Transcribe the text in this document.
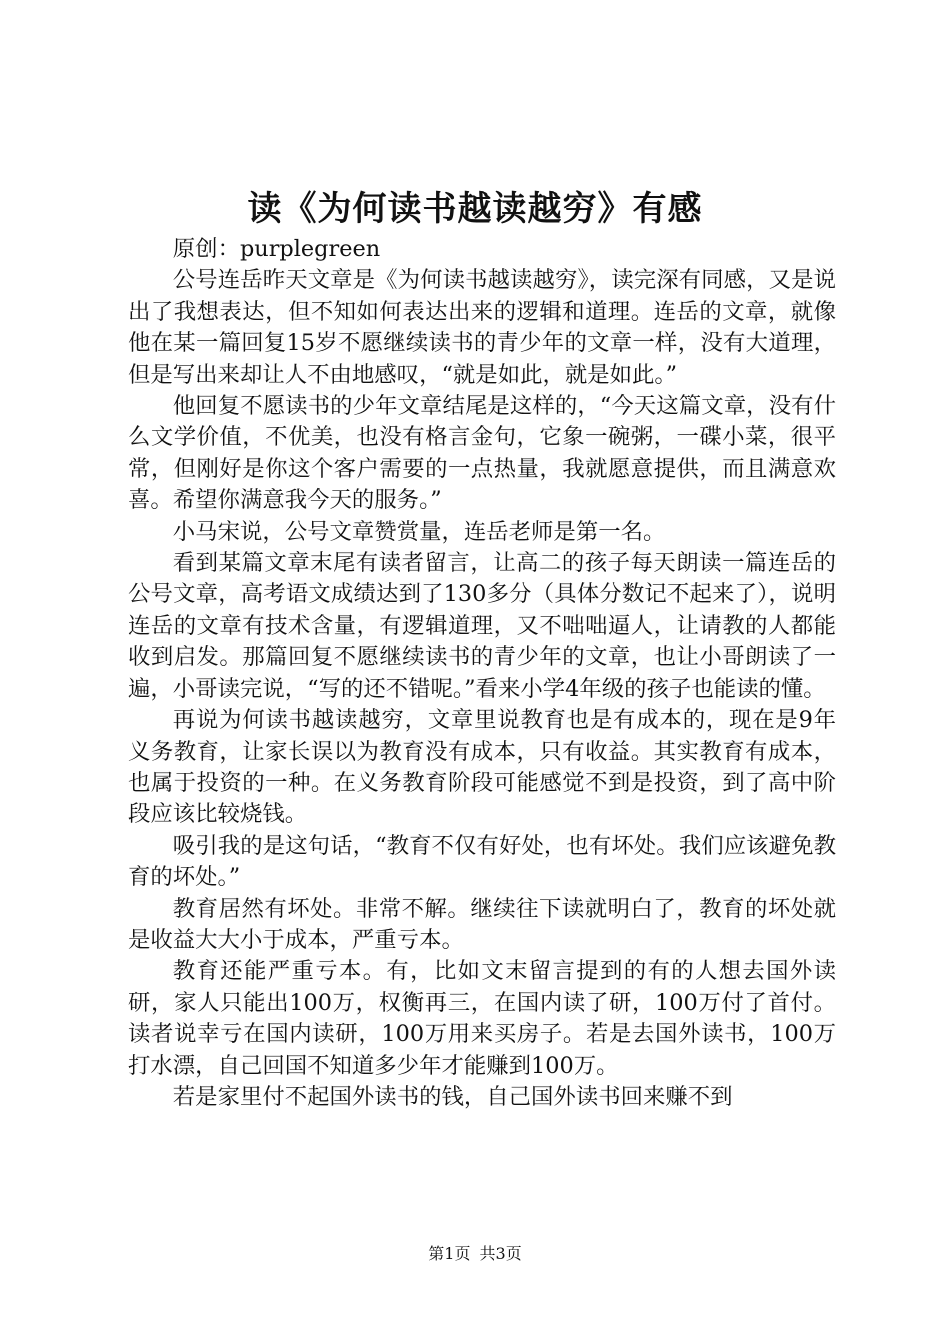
读《为何读书越读越穷》有感

原创：purplegreen

公号连岳昨天文章是《为何读书越读越穷》，读完深有同感，又是说出了我想表达，但不知如何表达出来的逻辑和道理。连岳的文章，就像他在某一篇回复15岁不愿继续读书的青少年的文章一样，没有大道理，但是写出来却让人不由地感叹，“就是如此，就是如此。”

他回复不愿读书的少年文章结尾是这样的，“今天这篇文章，没有什么文学价值，不优美，也没有格言金句，它象一碗粥，一碟小菜，很平常，但刚好是你这个客户需要的一点热量，我就愿意提供，而且满意欢喜。希望你满意我今天的服务。”

小马宋说，公号文章赞赏量，连岳老师是第一名。

看到某篇文章末尾有读者留言，让高二的孩子每天朗读一篇连岳的公号文章，高考语文成绩达到了130多分（具体分数记不起来了），说明连岳的文章有技术含量，有逻辑道理，又不咄咄逼人，让请教的人都能收到启发。那篇回复不愿继续读书的青少年的文章，也让小哥朗读了一遍，小哥读完说，“写的还不错呢。”看来小学4年级的孩子也能读的懂。

再说为何读书越读越穷，文章里说教育也是有成本的，现在是9年义务教育，让家长误以为教育没有成本，只有收益。其实教育有成本，也属于投资的一种。在义务教育阶段可能感觉不到是投资，到了高中阶段应该比较烧钱。

吸引我的是这句话，“教育不仅有好处，也有坏处。我们应该避免教育的坏处。”

教育居然有坏处。非常不解。继续往下读就明白了，教育的坏处就是收益大大小于成本，严重亏本。

教育还能严重亏本。有，比如文末留言提到的有的人想去国外读研，家人只能出100万，权衡再三，在国内读了研，100万付了首付。读者说幸亏在国内读研，100万用来买房子。若是去国外读书，100万打水漂，自己回国不知道多少年才能赚到100万。

若是家里付不起国外读书的钱，自己国外读书回来赚不到

第1页 共3页
